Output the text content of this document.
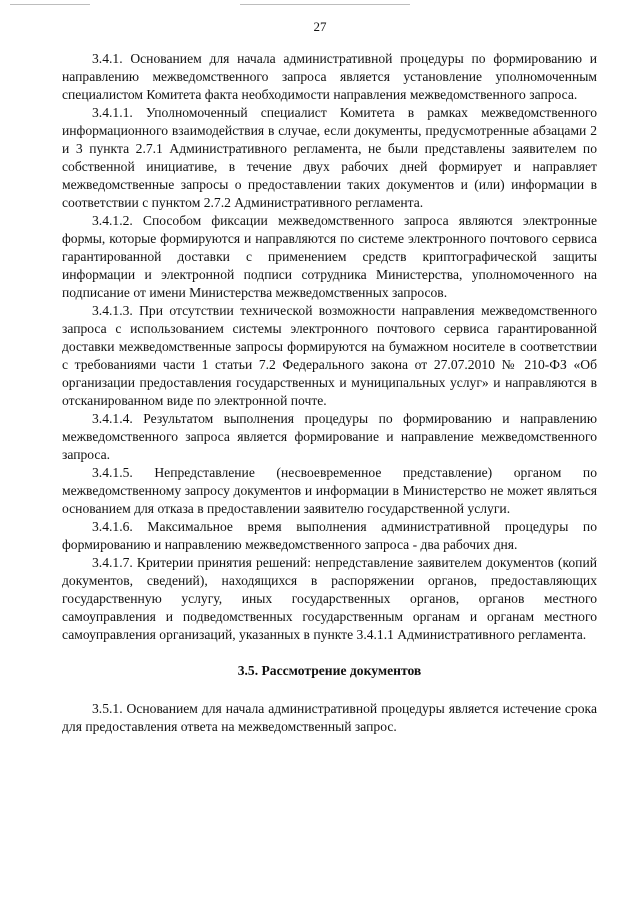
27

3.4.1. Основанием для начала административной процедуры по формированию и направлению межведомственного запроса является установление уполномоченным специалистом Комитета факта необходимости направления межведомственного запроса.

3.4.1.1. Уполномоченный специалист Комитета в рамках межведомственного информационного взаимодействия в случае, если документы, предусмотренные абзацами 2 и 3 пункта 2.7.1 Административного регламента, не были представлены заявителем по собственной инициативе, в течение двух рабочих дней формирует и направляет межведомственные запросы о предоставлении таких документов и (или) информации в соответствии с пунктом 2.7.2 Административного регламента.

3.4.1.2. Способом фиксации межведомственного запроса являются электронные формы, которые формируются и направляются по системе электронного почтового сервиса гарантированной доставки с применением средств криптографической защиты информации и электронной подписи сотрудника Министерства, уполномоченного на подписание от имени Министерства межведомственных запросов.

3.4.1.3. При отсутствии технической возможности направления межведомственного запроса с использованием системы электронного почтового сервиса гарантированной доставки межведомственные запросы формируются на бумажном носителе в соответствии с требованиями части 1 статьи 7.2 Федерального закона от 27.07.2010 № 210-ФЗ «Об организации предоставления государственных и муниципальных услуг» и направляются в отсканированном виде по электронной почте.

3.4.1.4. Результатом выполнения процедуры по формированию и направлению межведомственного запроса является формирование и направление межведомственного запроса.

3.4.1.5. Непредставление (несвоевременное представление) органом по межведомственному запросу документов и информации в Министерство не может являться основанием для отказа в предоставлении заявителю государственной услуги.

3.4.1.6. Максимальное время выполнения административной процедуры по формированию и направлению межведомственного запроса - два рабочих дня.

3.4.1.7. Критерии принятия решений: непредставление заявителем документов (копий документов, сведений), находящихся в распоряжении органов, предоставляющих государственную услугу, иных государственных органов, органов местного самоуправления и подведомственных государственным органам и органам местного самоуправления организаций, указанных в пункте 3.4.1.1 Административного регламента.

3.5. Рассмотрение документов

3.5.1. Основанием для начала административной процедуры является истечение срока для предоставления ответа на межведомственный запрос.
